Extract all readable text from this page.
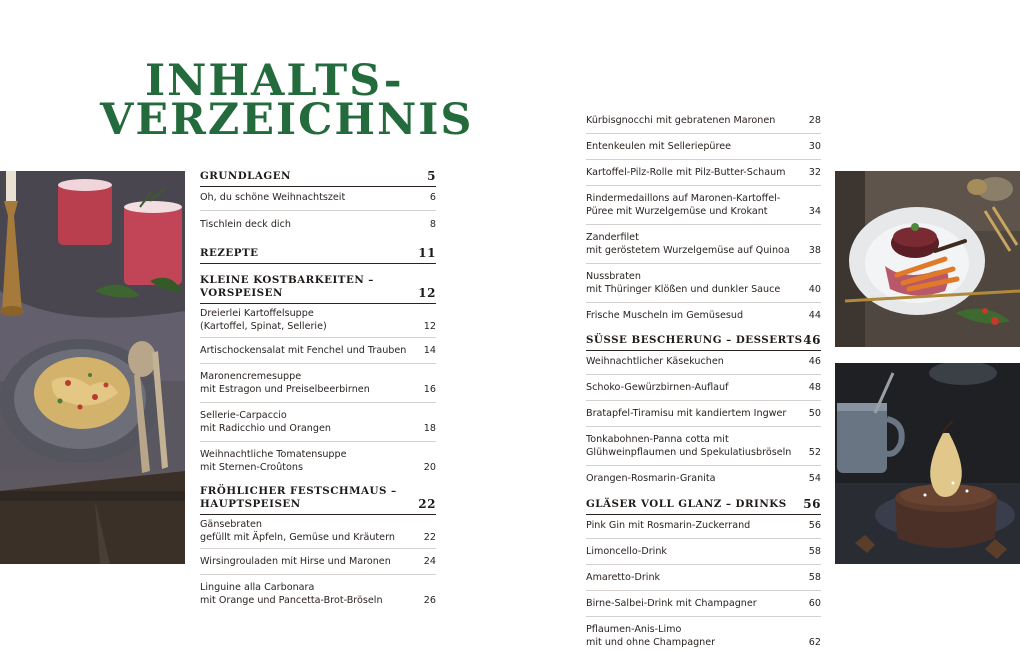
INHALTS-
VERZEICHNIS
GRUNDLAGEN	5
Oh, du schöne Weihnachtszeit	6
Tischlein deck dich	8
REZEPTE	11
KLEINE KOSTBARKEITEN –
VORSPEISEN	12
Dreierlei Kartoffelsuppe
(Kartoffel, Spinat, Sellerie)	12
Artischockensalat mit Fenchel und Trauben	14
Maronencremesuppe
mit Estragon und Preiselbeerbirnen	16
Sellerie-Carpaccio
mit Radicchio und Orangen	18
Weihnachtliche Tomatensuppe
mit Sternen-Croûtons	20
FRÖHLICHER FESTSCHMAUS –
HAUPTSPEISEN	22
Gänsebraten
gefüllt mit Äpfeln, Gemüse und Kräutern	22
Wirsingrouladen mit Hirse und Maronen	24
Linguine alla Carbonara
mit Orange und Pancetta-Brot-Bröseln	26
Kürbisgnocchi mit gebratenen Maronen	28
Entenkeulen mit Selleriepüree	30
Kartoffel-Pilz-Rolle mit Pilz-Butter-Schaum	32
Rindermedaillons auf Maronen-Kartoffel-
Püree mit Wurzelgemüse und Krokant	34
Zanderfilet
mit geröstetem Wurzelgemüse auf Quinoa	38
Nussbraten
mit Thüringer Klößen und dunkler Sauce	40
Frische Muscheln im Gemüsesud	44
SÜSSE BESCHERUNG – DESSERTS 46
Weihnachtlicher Käsekuchen	46
Schoko-Gewürzbirnen-Auflauf	48
Bratapfel-Tiramisu mit kandiertem Ingwer	50
Tonkabohnen-Panna cotta mit
Glühweinpflaumen und Spekulatiusbröseln	52
Orangen-Rosmarin-Granita	54
GLÄSER VOLL GLANZ – DRINKS 56
Pink Gin mit Rosmarin-Zuckerrand	56
Limoncello-Drink	58
Amaretto-Drink	58
Birne-Salbei-Drink mit Champagner	60
Pflaumen-Anis-Limo
mit und ohne Champagner	62
